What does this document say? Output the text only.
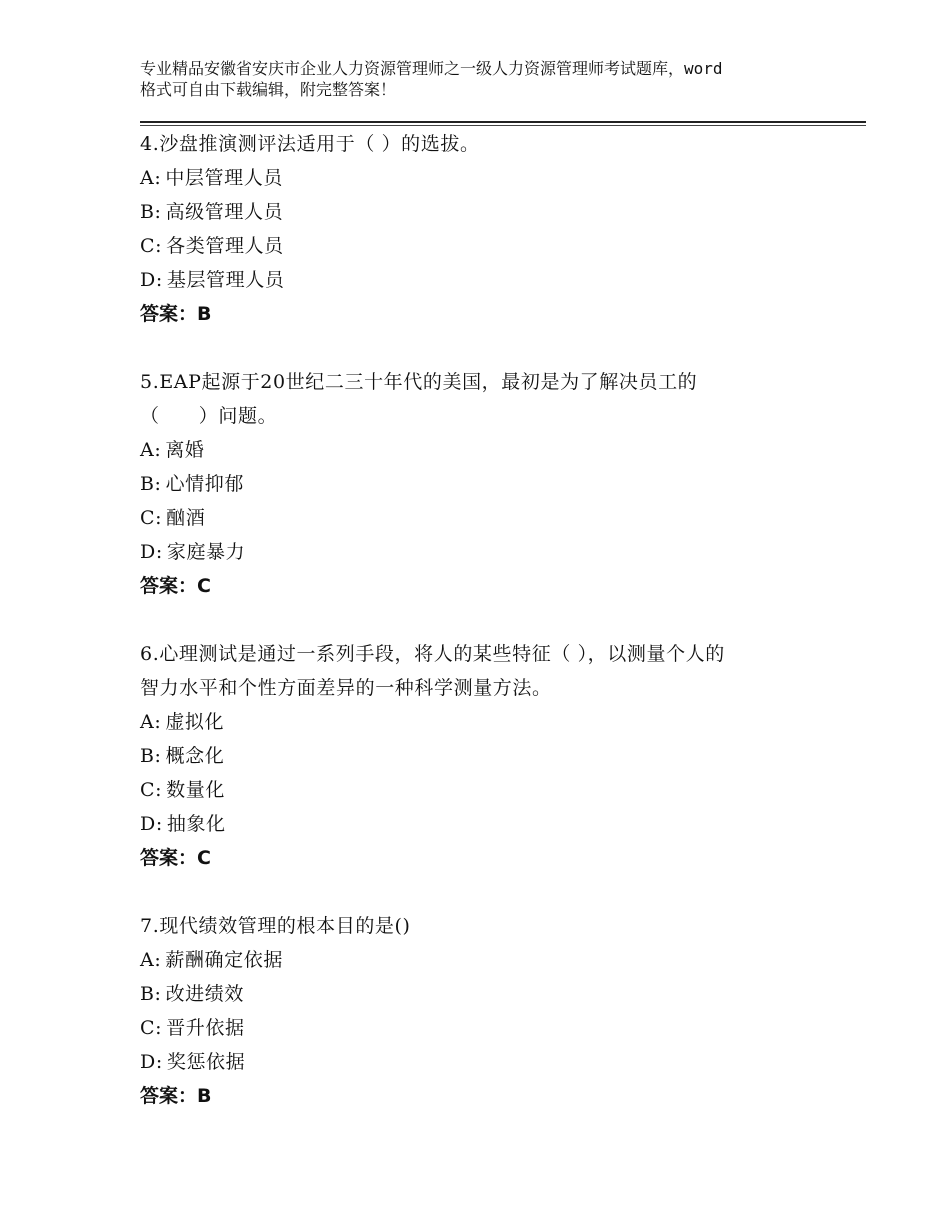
专业精品安徽省安庆市企业人力资源管理师之一级人力资源管理师考试题库，word
格式可自由下载编辑，附完整答案！
4.沙盘推演测评法适用于（ ）的选拔。
A: 中层管理人员
B: 高级管理人员
C: 各类管理人员
D: 基层管理人员
答案：B
5.EAP起源于20世纪二三十年代的美国，最初是为了解决员工的
（　　）问题。
A: 离婚
B: 心情抑郁
C: 酗酒
D: 家庭暴力
答案：C
6.心理测试是通过一系列手段，将人的某些特征（ ），以测量个人的
智力水平和个性方面差异的一种科学测量方法。
A: 虚拟化
B: 概念化
C: 数量化
D: 抽象化
答案：C
7.现代绩效管理的根本目的是()
A: 薪酬确定依据
B: 改进绩效
C: 晋升依据
D: 奖惩依据
答案：B
